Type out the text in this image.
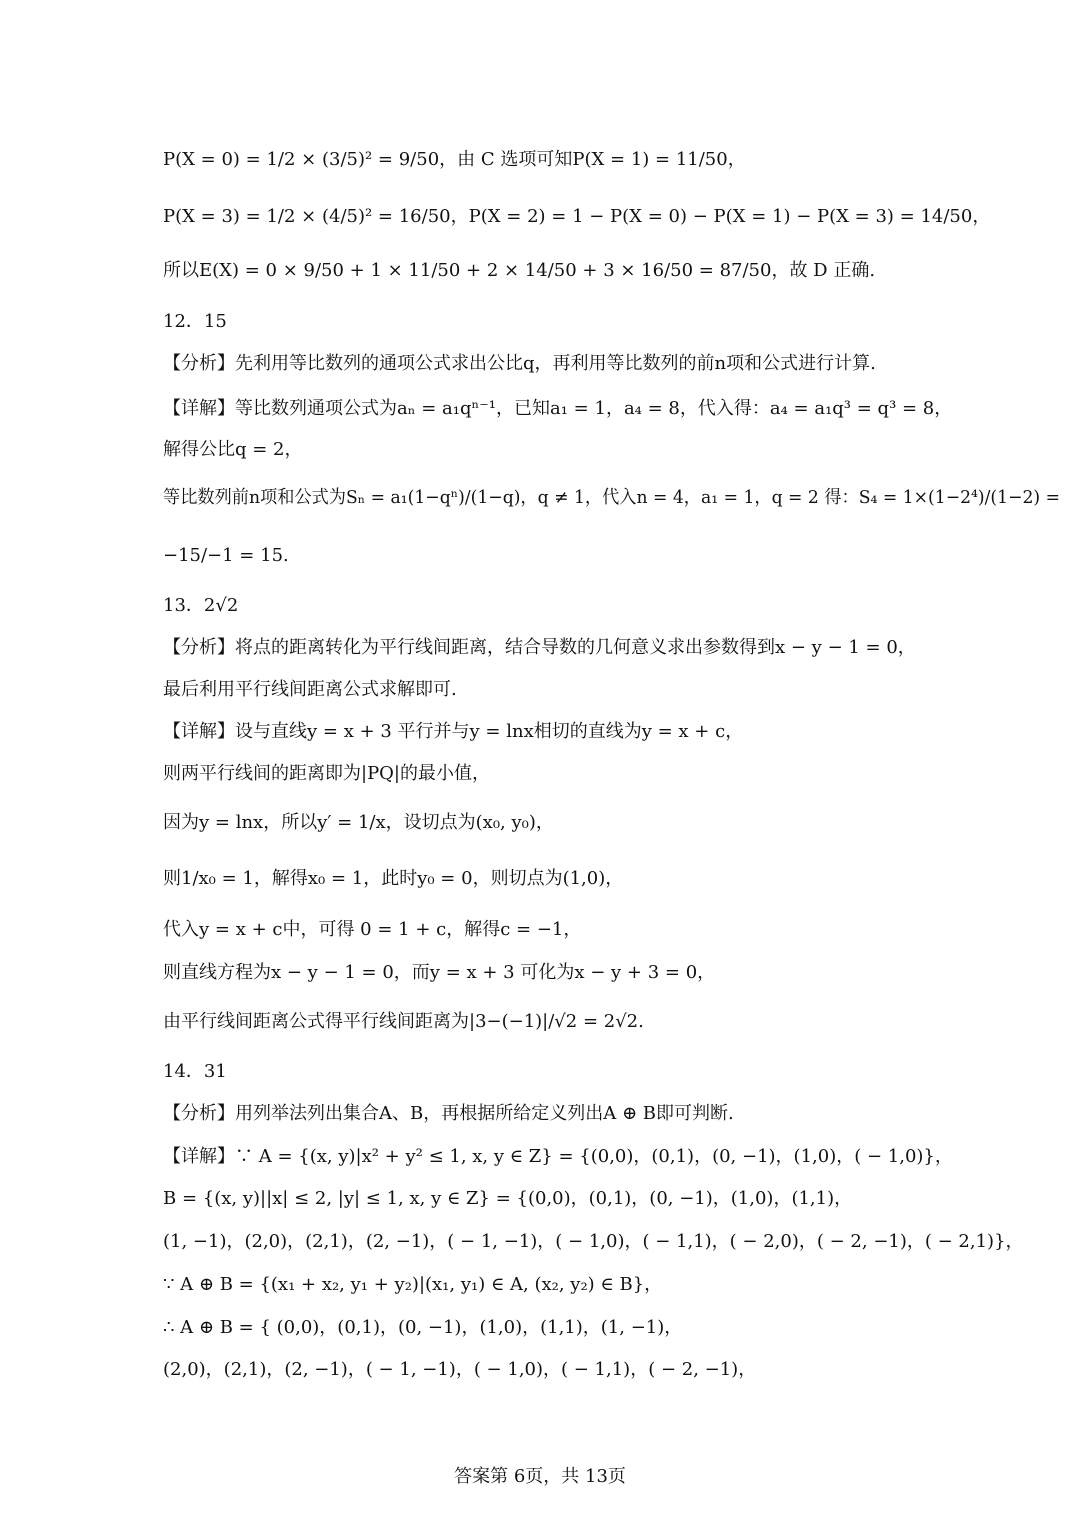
P(X = 0) = 1/2 × (3/5)² = 9/50，由 C 选项可知P(X = 1) = 11/50，
P(X = 3) = 1/2 × (4/5)² = 16/50，P(X = 2) = 1 − P(X = 0) − P(X = 1) − P(X = 3) = 14/50，
所以E(X) = 0 × 9/50 + 1 × 11/50 + 2 × 14/50 + 3 × 16/50 = 87/50，故 D 正确.
12．15
【分析】先利用等比数列的通项公式求出公比q，再利用等比数列的前n项和公式进行计算.
【详解】等比数列通项公式为aₙ = a₁qⁿ⁻¹，已知a₁ = 1，a₄ = 8，代入得：a₄ = a₁q³ = q³ = 8，
解得公比q = 2，
等比数列前n项和公式为Sₙ = a₁(1−qⁿ)/(1−q)，q ≠ 1，代入n = 4，a₁ = 1，q = 2 得：S₄ = 1×(1−2⁴)/(1−2) =
−15/−1 = 15.
13．2√2
【分析】将点的距离转化为平行线间距离，结合导数的几何意义求出参数得到x − y − 1 = 0，
最后利用平行线间距离公式求解即可.
【详解】设与直线y = x + 3 平行并与y = lnx相切的直线为y = x + c，
则两平行线间的距离即为|PQ|的最小值，
因为y = lnx，所以y′ = 1/x，设切点为(x₀, y₀)，
则1/x₀ = 1，解得x₀ = 1，此时y₀ = 0，则切点为(1,0)，
代入y = x + c中，可得 0 = 1 + c，解得c = −1，
则直线方程为x − y − 1 = 0，而y = x + 3 可化为x − y + 3 = 0，
由平行线间距离公式得平行线间距离为|3−(−1)|/√2 = 2√2.
14．31
【分析】用列举法列出集合A、B，再根据所给定义列出A ⊕ B即可判断.
【详解】∵ A = {(x, y)|x² + y² ≤ 1, x, y ∈ Z} = {(0,0)，(0,1)，(0, −1)，(1,0)，( − 1,0)}，
B = {(x, y)||x| ≤ 2, |y| ≤ 1, x, y ∈ Z} = {(0,0)，(0,1)，(0, −1)，(1,0)，(1,1)，
(1, −1)，(2,0)，(2,1)，(2, −1)，( − 1, −1)，( − 1,0)，( − 1,1)，( − 2,0)，( − 2, −1)，( − 2,1)}，
∵ A ⊕ B = {(x₁ + x₂, y₁ + y₂)|(x₁, y₁) ∈ A, (x₂, y₂) ∈ B}，
∴ A ⊕ B = { (0,0)，(0,1)，(0, −1)，(1,0)，(1,1)，(1, −1)，
(2,0)，(2,1)，(2, −1)，( − 1, −1)，( − 1,0)，( − 1,1)，( − 2, −1)，
答案第 6页，共 13页
